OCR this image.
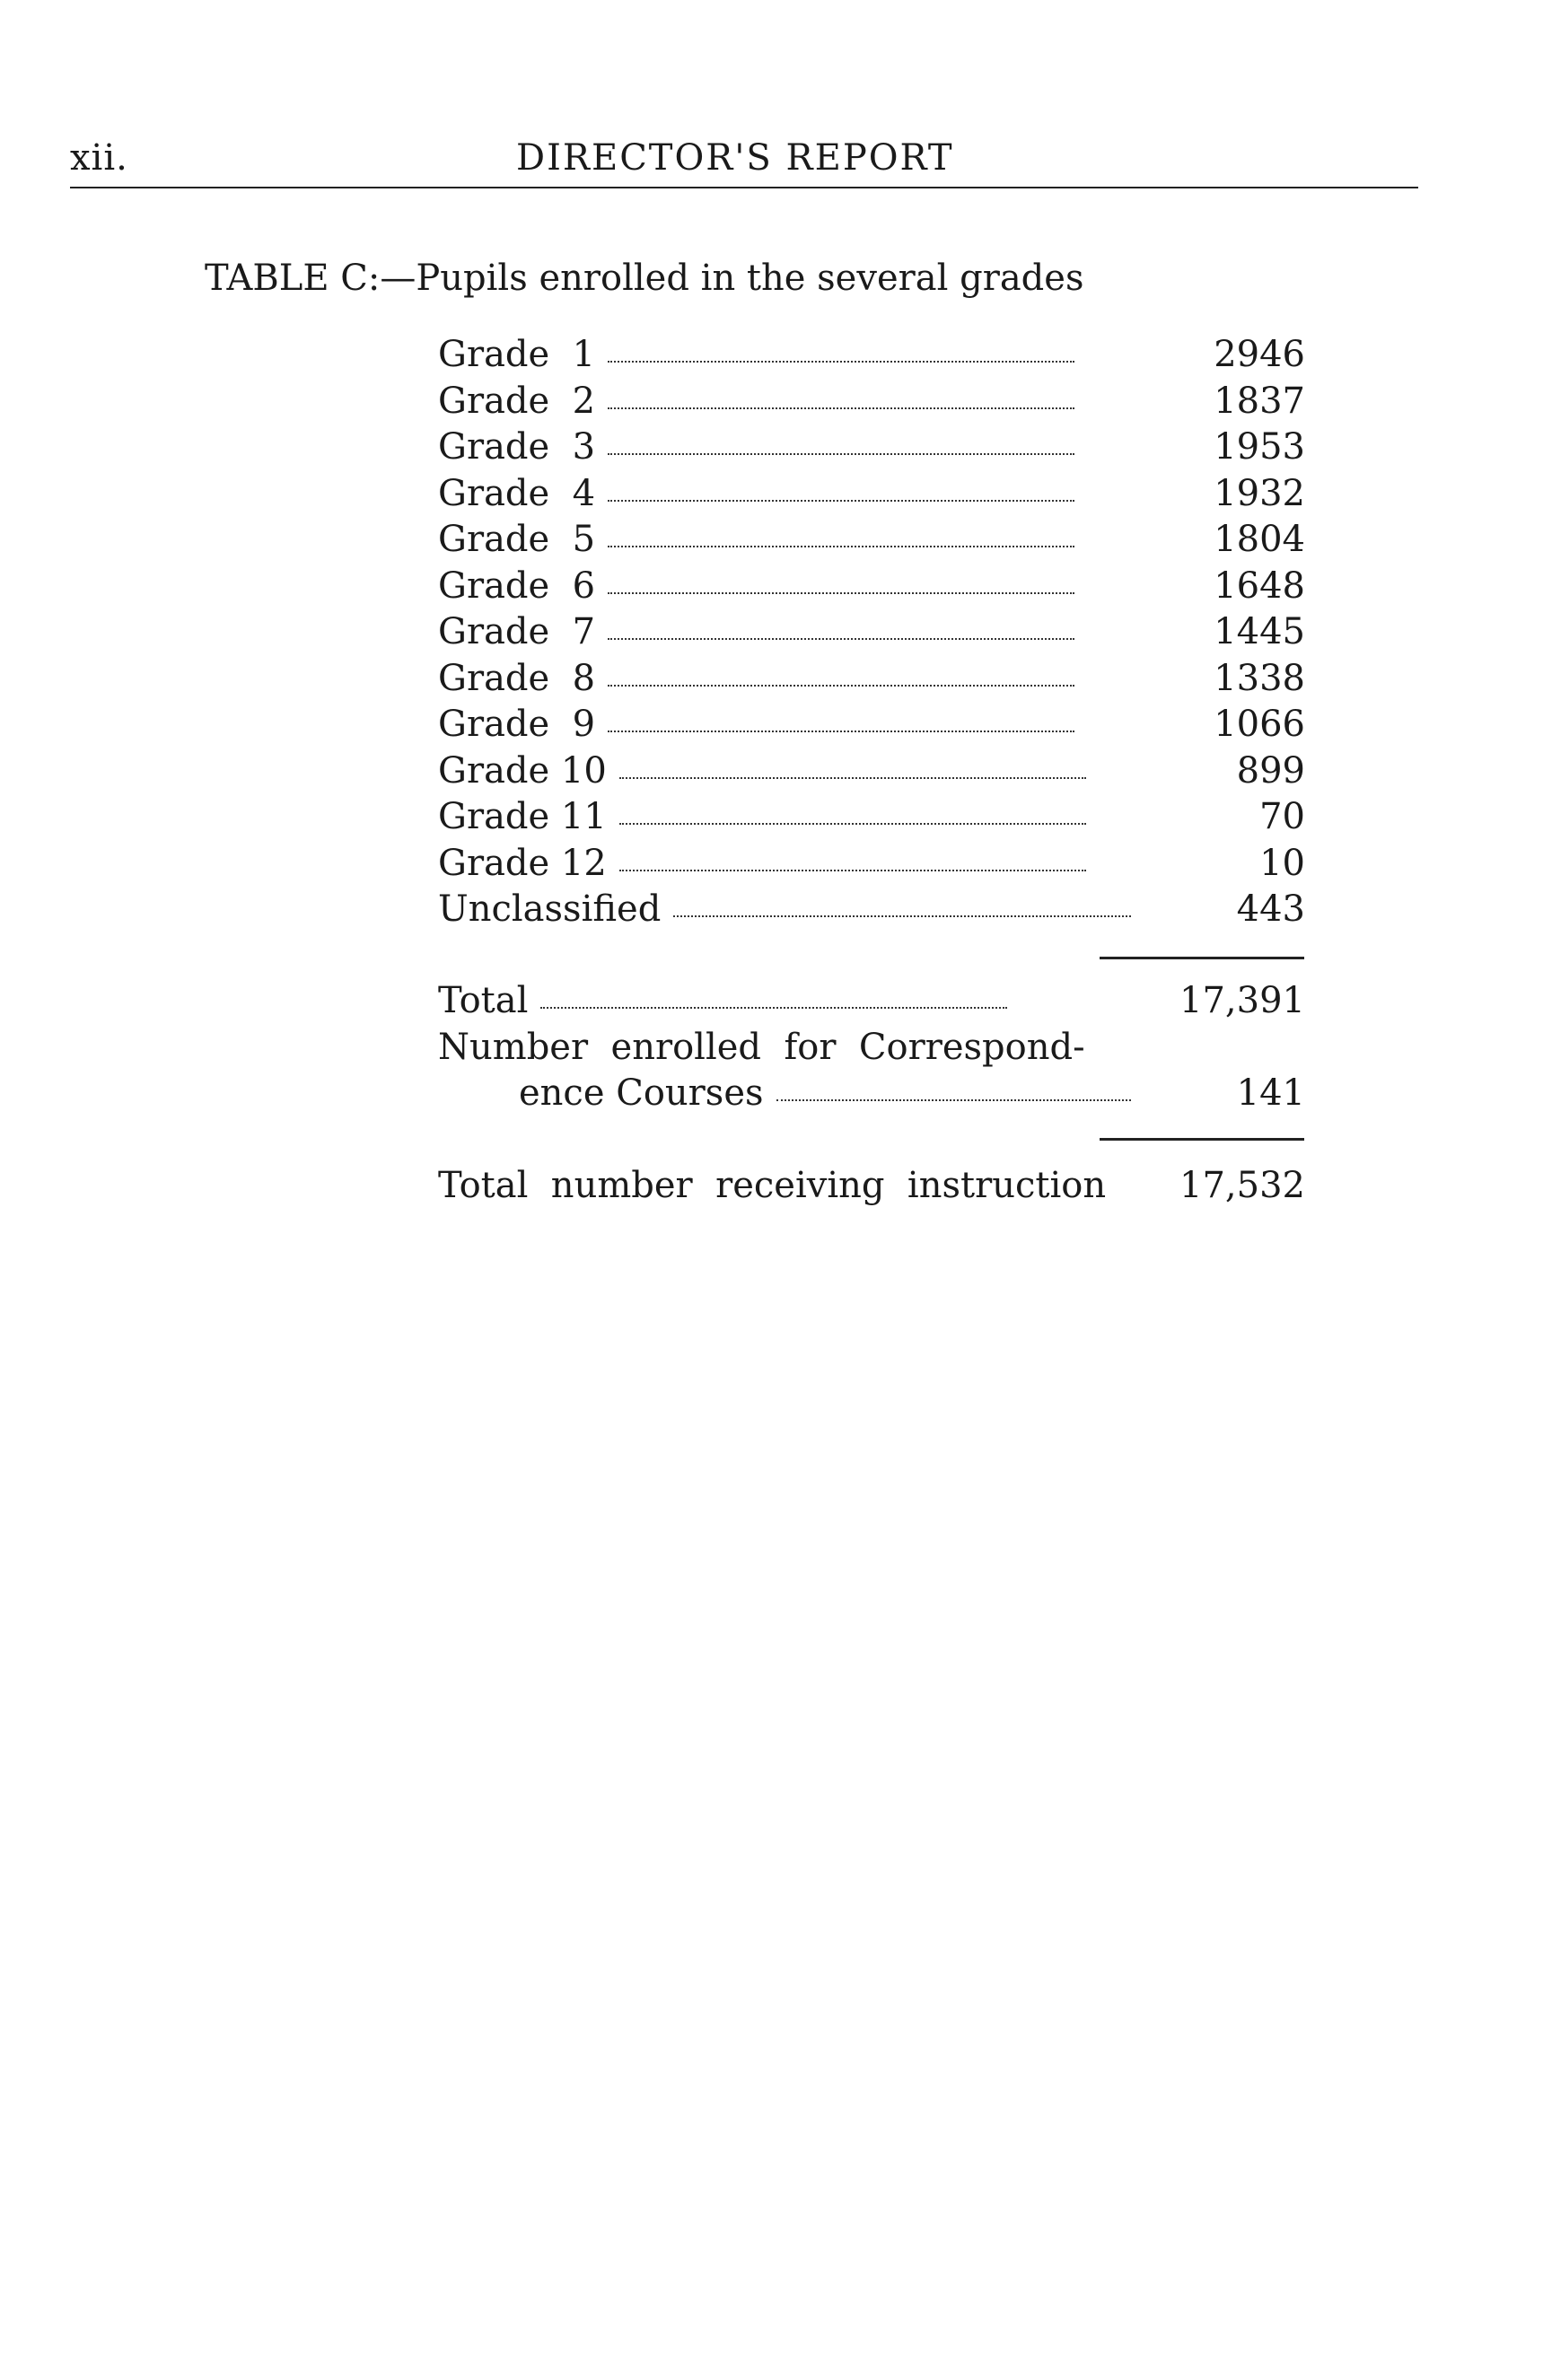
xii.	DIRECTOR'S REPORT
TABLE C:—Pupils enrolled in the several grades
Grade  1	2946
Grade  2	1837
Grade  3	1953
Grade  4	1932
Grade  5	1804
Grade  6	1648
Grade  7	1445
Grade  8	1338
Grade  9	1066
Grade 10	899
Grade 11	70
Grade 12	10
Unclassified	443
Total	17,391
Number  enrolled  for  Correspond-
ence Courses	141
Total  number  receiving  instruction	17,532
